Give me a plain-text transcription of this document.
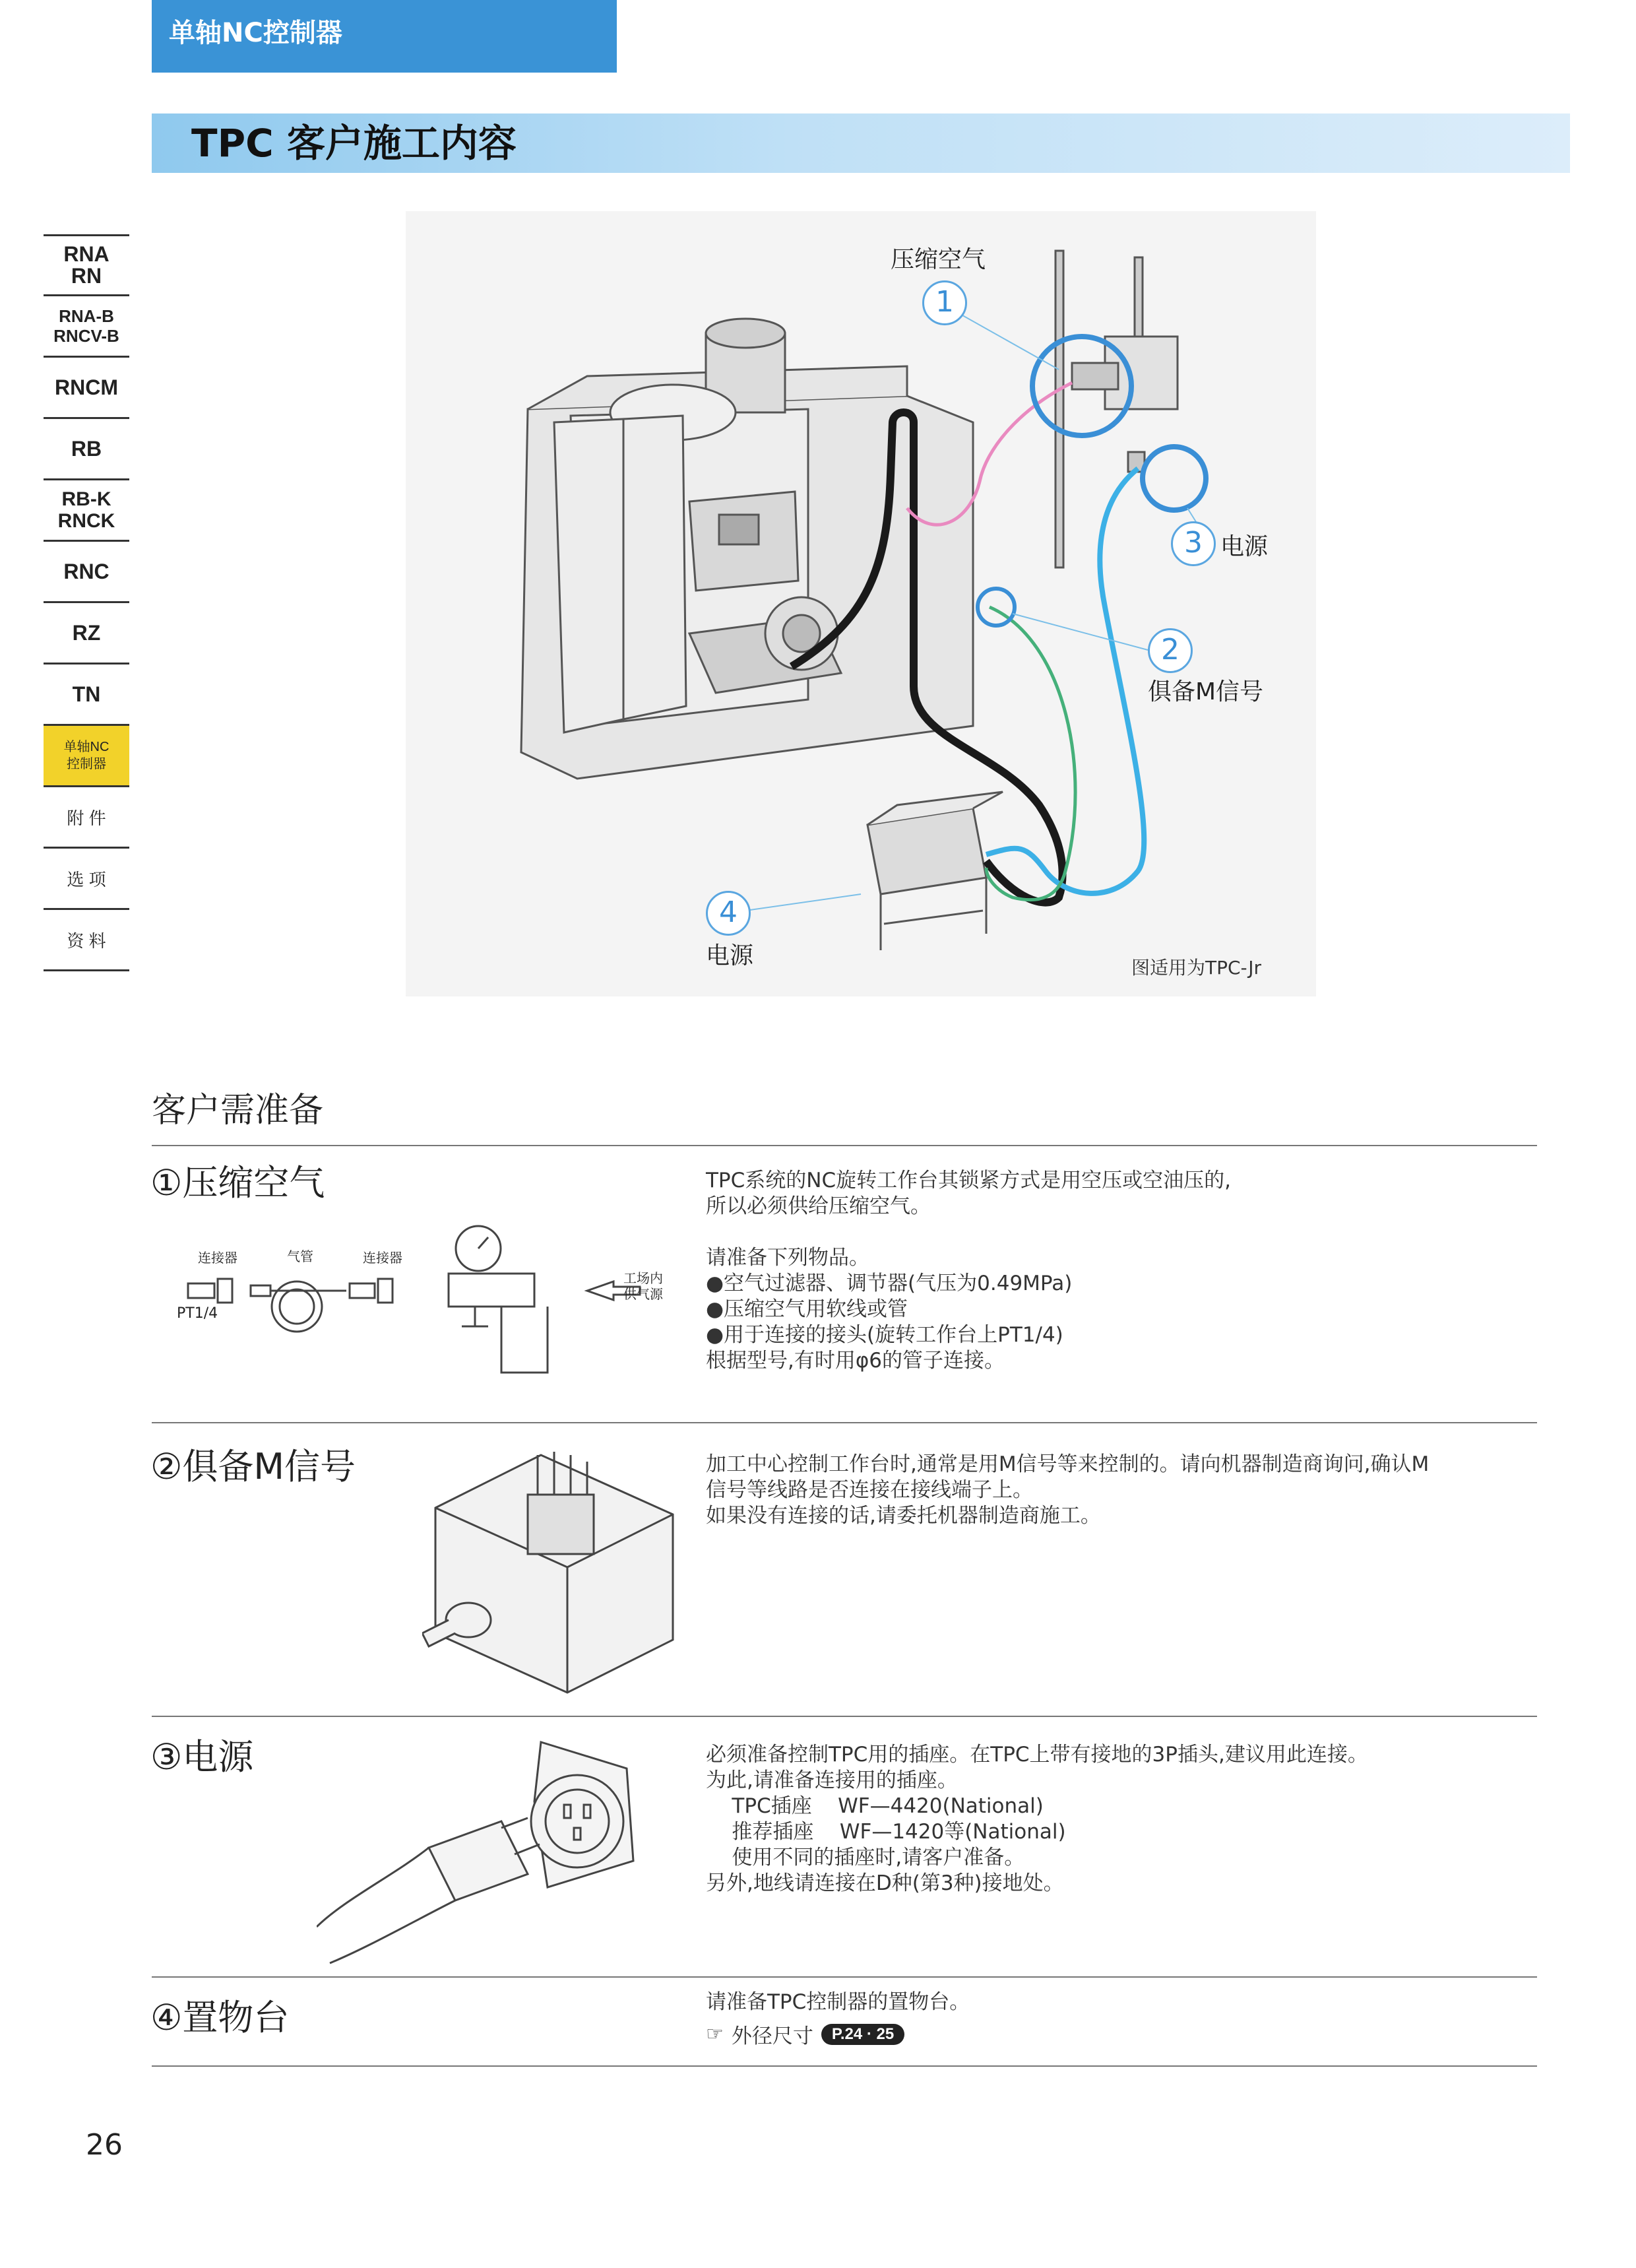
单轴NC控制器
TPC 客户施工内容
RNA
RN
RNA-B
RNCV-B
RNCM
RB
RB-K
RNCK
RNC
RZ
TN
单轴NC
控制器
附 件
选 项
资 料
1
3
2
4
压缩空气
电源
俱备M信号
电源	图适用为TPC-Jr
客户需准备
①压缩空气	TPC系统的NC旋转工作台其锁紧方式是用空压或空油压的,
所以必须供给压缩空气。

请准备下列物品。
●空气过滤器、调节器(气压为0.49MPa)
●压缩空气用软线或管
●用于连接的接头(旋转工作台上PT1/4)
根据型号,有时用φ6的管子连接。
连接器	气管	连接器
PT1/4
工场内
供气源
②俱备M信号	加工中心控制工作台时,通常是用M信号等来控制的。请向机器制造商询问,确认M
信号等线路是否连接在接线端子上。
如果没有连接的话,请委托机器制造商施工。
③电源	必须准备控制TPC用的插座。在TPC上带有接地的3P插头,建议用此连接。
为此,请准备连接用的插座。
TPC插座    WF—4420(National)
推荐插座    WF—1420等(National)
使用不同的插座时,请客户准备。
另外,地线请连接在D种(第3种)接地处。
④置物台	请准备TPC控制器的置物台。
☞ 外径尺寸	P.24 · 25
26
